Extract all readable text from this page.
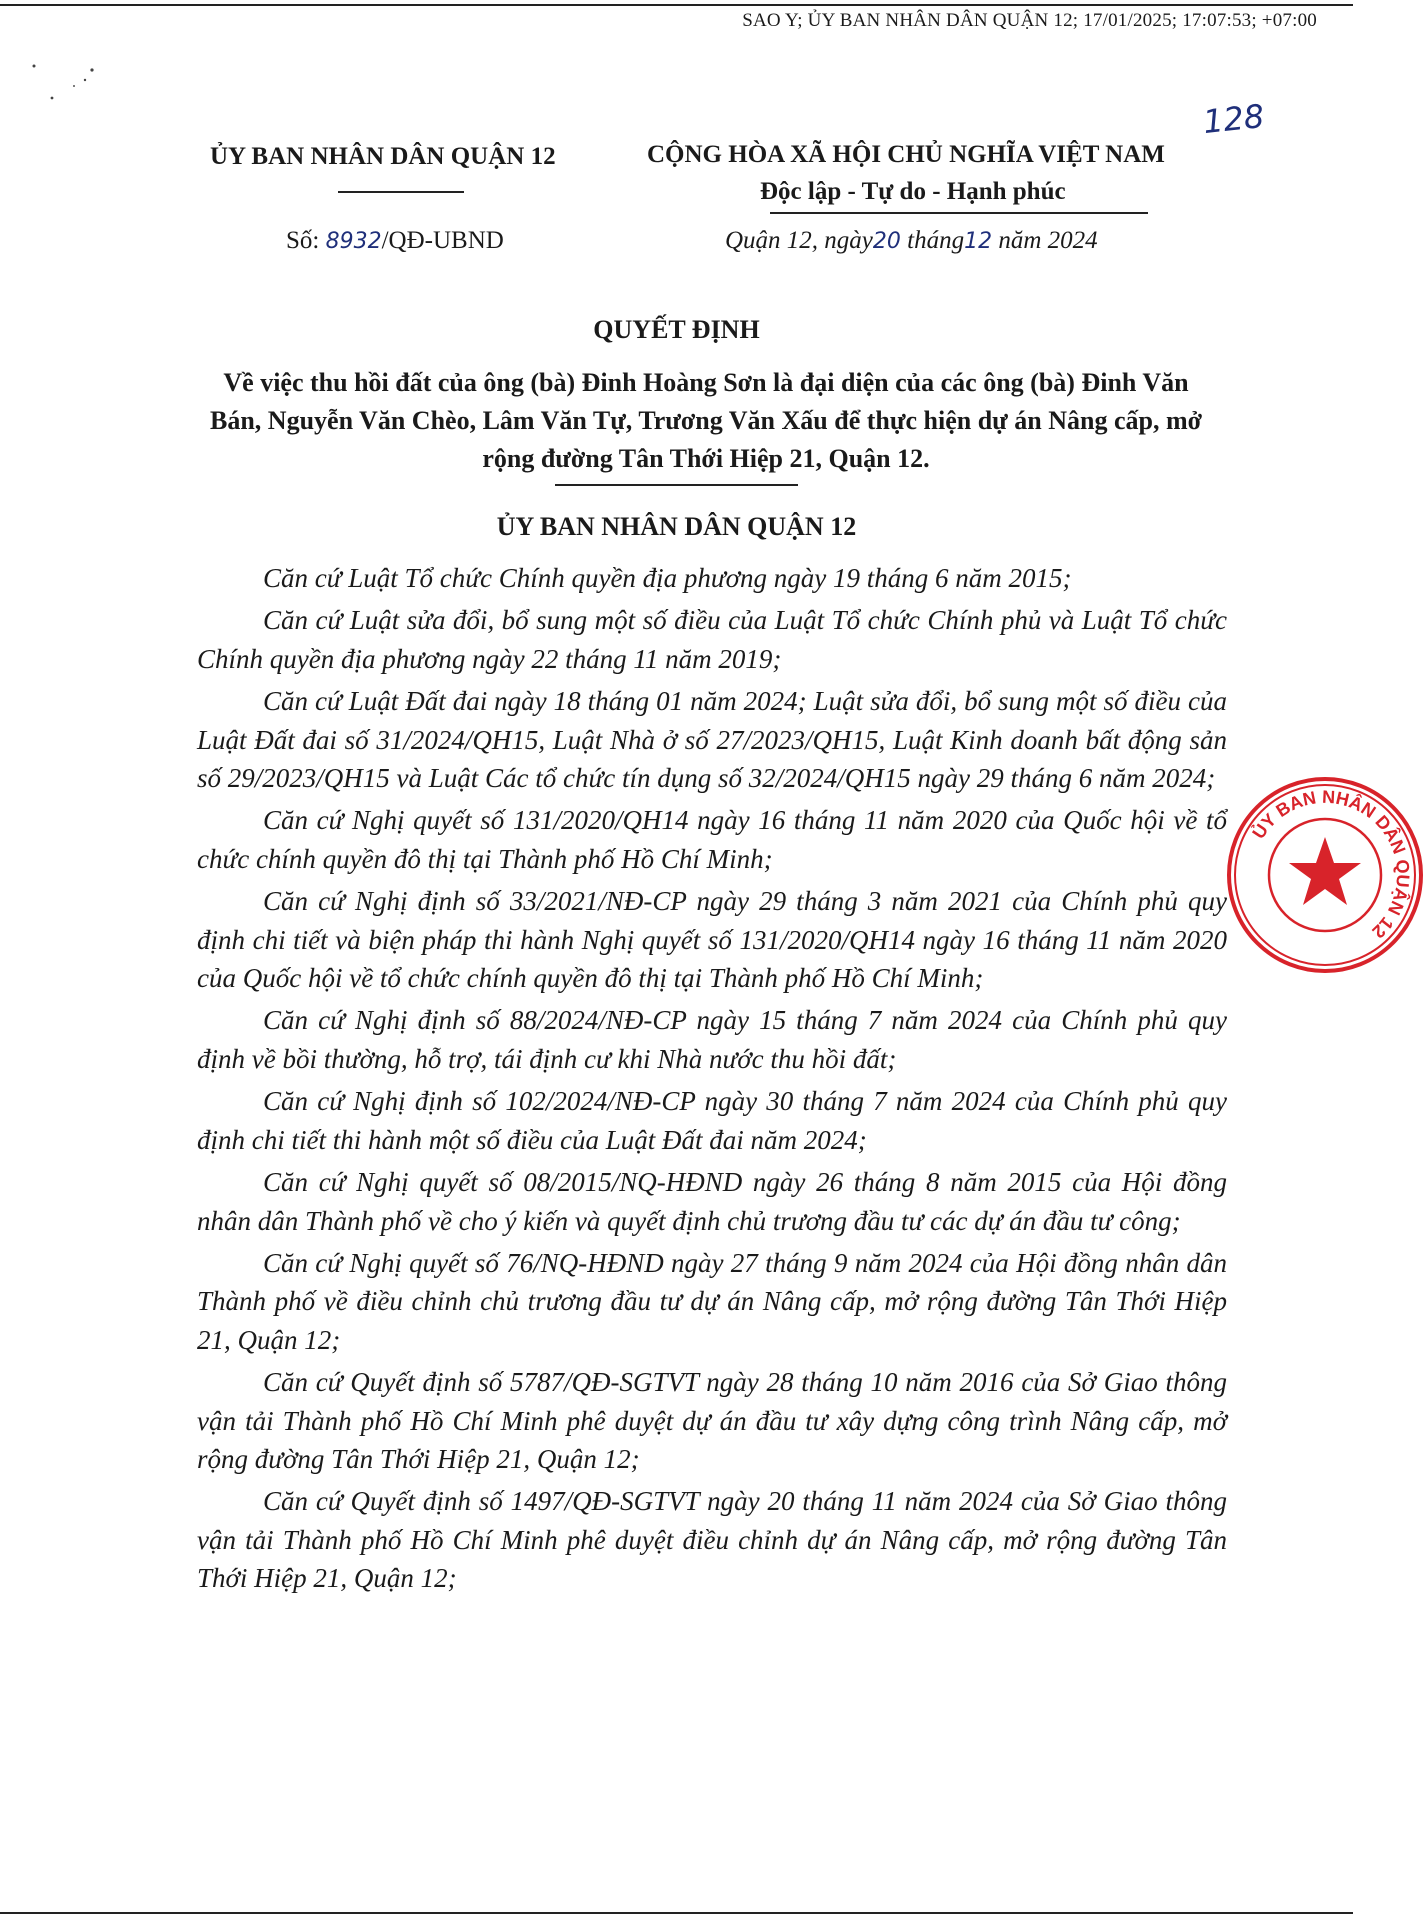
SAO Y; ỦY BAN NHÂN DÂN QUẬN 12; 17/01/2025; 17:07:53; +07:00
128
ỦY BAN NHÂN DÂN QUẬN 12	CỘNG HÒA XÃ HỘI CHỦ NGHĨA VIỆT NAM
Độc lập - Tự do - Hạnh phúc
Số: 8932/QĐ-UBND	Quận 12, ngày20 tháng12 năm 2024
QUYẾT ĐỊNH
Về việc thu hồi đất của ông (bà) Đinh Hoàng Sơn là đại diện của các ông (bà) Đinh Văn Bán, Nguyễn Văn Chèo, Lâm Văn Tự, Trương Văn Xấu để thực hiện dự án Nâng cấp, mở rộng đường Tân Thới Hiệp 21, Quận 12.
ỦY BAN NHÂN DÂN QUẬN 12

Căn cứ Luật Tổ chức Chính quyền địa phương ngày 19 tháng 6 năm 2015;

Căn cứ Luật sửa đổi, bổ sung một số điều của Luật Tổ chức Chính phủ và Luật Tổ chức Chính quyền địa phương ngày 22 tháng 11 năm 2019;

Căn cứ Luật Đất đai ngày 18 tháng 01 năm 2024; Luật sửa đổi, bổ sung một số điều của Luật Đất đai số 31/2024/QH15, Luật Nhà ở số 27/2023/QH15, Luật Kinh doanh bất động sản số 29/2023/QH15 và Luật Các tổ chức tín dụng số 32/2024/QH15 ngày 29 tháng 6 năm 2024;

Căn cứ Nghị quyết số 131/2020/QH14 ngày 16 tháng 11 năm 2020 của Quốc hội về tổ chức chính quyền đô thị tại Thành phố Hồ Chí Minh;

Căn cứ Nghị định số 33/2021/NĐ-CP ngày 29 tháng 3 năm 2021 của Chính phủ quy định chi tiết và biện pháp thi hành Nghị quyết số 131/2020/QH14 ngày 16 tháng 11 năm 2020 của Quốc hội về tổ chức chính quyền đô thị tại Thành phố Hồ Chí Minh;

Căn cứ Nghị định số 88/2024/NĐ-CP ngày 15 tháng 7 năm 2024 của Chính phủ quy định về bồi thường, hỗ trợ, tái định cư khi Nhà nước thu hồi đất;

Căn cứ Nghị định số 102/2024/NĐ-CP ngày 30 tháng 7 năm 2024 của Chính phủ quy định chi tiết thi hành một số điều của Luật Đất đai năm 2024;

Căn cứ Nghị quyết số 08/2015/NQ-HĐND ngày 26 tháng 8 năm 2015 của Hội đồng nhân dân Thành phố về cho ý kiến và quyết định chủ trương đầu tư các dự án đầu tư công;

Căn cứ Nghị quyết số 76/NQ-HĐND ngày 27 tháng 9 năm 2024 của Hội đồng nhân dân Thành phố về điều chỉnh chủ trương đầu tư dự án Nâng cấp, mở rộng đường Tân Thới Hiệp 21, Quận 12;

Căn cứ Quyết định số 5787/QĐ-SGTVT ngày 28 tháng 10 năm 2016 của Sở Giao thông vận tải Thành phố Hồ Chí Minh phê duyệt dự án đầu tư xây dựng công trình Nâng cấp, mở rộng đường Tân Thới Hiệp 21, Quận 12;

Căn cứ Quyết định số 1497/QĐ-SGTVT ngày 20 tháng 11 năm 2024 của Sở Giao thông vận tải Thành phố Hồ Chí Minh phê duyệt điều chỉnh dự án Nâng cấp, mở rộng đường Tân Thới Hiệp 21, Quận 12;

ỦY BAN NHÂN DÂN QUẬN 12
